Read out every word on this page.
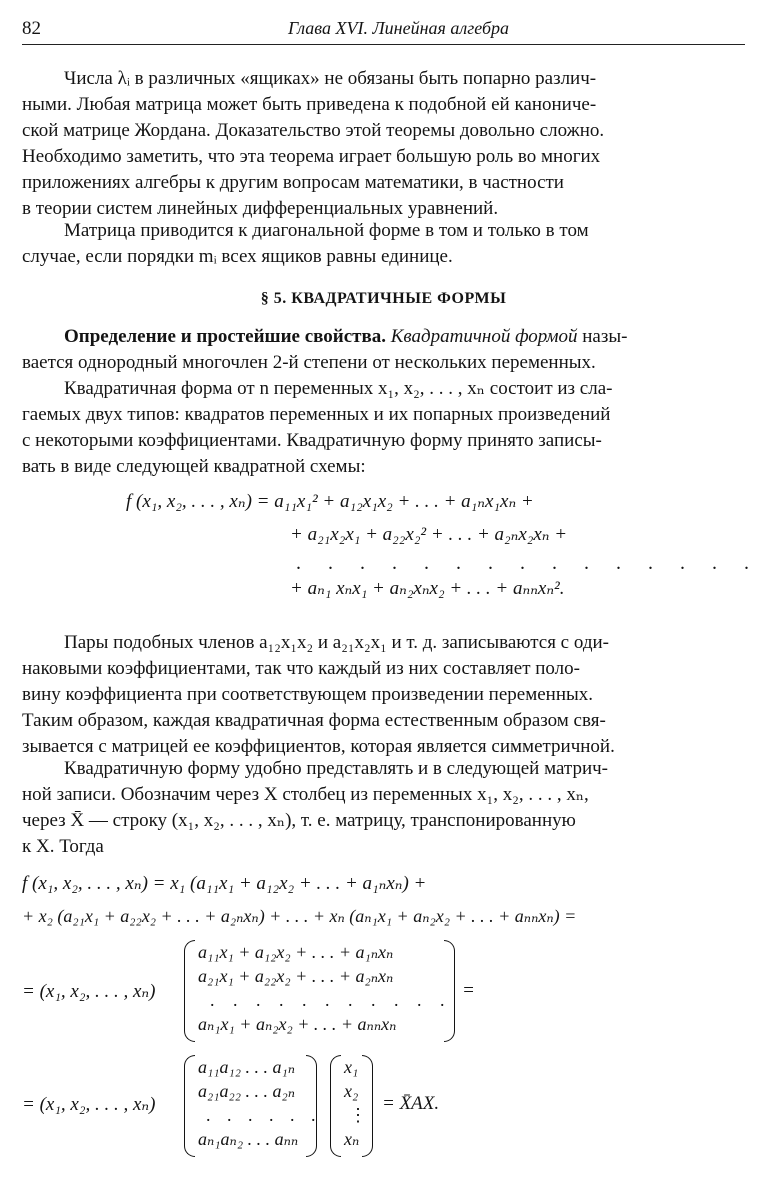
82	Глава XVI. Линейная алгебра
Числа λᵢ в различных «ящиках» не обязаны быть попарно различ-
ными. Любая матрица может быть приведена к подобной ей канониче-
ской матрице Жордана. Доказательство этой теоремы довольно сложно.
Необходимо заметить, что эта теорема играет большую роль во многих
приложениях алгебры к другим вопросам математики, в частности
в теории систем линейных дифференциальных уравнений.
Матрица приводится к диагональной форме в том и только в том
случае, если порядки mᵢ всех ящиков равны единице.
§ 5. КВАДРАТИЧНЫЕ ФОРМЫ
Определение и простейшие свойства. Квадратичной формой назы-
вается однородный многочлен 2-й степени от нескольких переменных.
Квадратичная форма от n переменных x₁, x₂, . . . , xₙ состоит из сла-
гаемых двух типов: квадратов переменных и их попарных произведений
с некоторыми коэффициентами. Квадратичную форму принято записы-
вать в виде следующей квадратной схемы:
f (x₁, x₂, . . . , xₙ) = a₁₁x₁² + a₁₂x₁x₂ + . . . + a₁ₙx₁xₙ +
+ a₂₁x₂x₁ + a₂₂x₂² + . . . + a₂ₙx₂xₙ +
. . . . . . . . . . . . . . .
+ aₙ₁ xₙx₁ + aₙ₂xₙx₂ + . . . + aₙₙxₙ².
Пары подобных членов a₁₂x₁x₂ и a₂₁x₂x₁ и т. д. записываются с оди-
наковыми коэффициентами, так что каждый из них составляет поло-
вину коэффициента при соответствующем произведении переменных.
Таким образом, каждая квадратичная форма естественным образом свя-
зывается с матрицей ее коэффициентов, которая является симметричной.
Квадратичную форму удобно представлять и в следующей матрич-
ной записи. Обозначим через X столбец из переменных x₁, x₂, . . . , xₙ,
через X̄ — строку (x₁, x₂, . . . , xₙ), т. е. матрицу, транспонированную
к X. Тогда
f (x₁, x₂, . . . , xₙ) = x₁ (a₁₁x₁ + a₁₂x₂ + . . . + a₁ₙxₙ) +
+ x₂ (a₂₁x₁ + a₂₂x₂ + . . . + a₂ₙxₙ) + . . . + xₙ (aₙ₁x₁ + aₙ₂x₂ + . . . + aₙₙxₙ) =
= (x₁, x₂, . . . , xₙ)
a₁₁x₁ + a₁₂x₂ + . . . + a₁ₙxₙ
a₂₁x₁ + a₂₂x₂ + . . . + a₂ₙxₙ
. . . . . . . . . . .
aₙ₁x₁ + aₙ₂x₂ + . . . + aₙₙxₙ
=
= (x₁, x₂, . . . , xₙ)
a₁₁a₁₂ . . . a₁ₙ
a₂₁a₂₂ . . . a₂ₙ
. . . . . .
aₙ₁aₙ₂ . . . aₙₙ
x₁
x₂
⋮
xₙ
= X̄AX.
